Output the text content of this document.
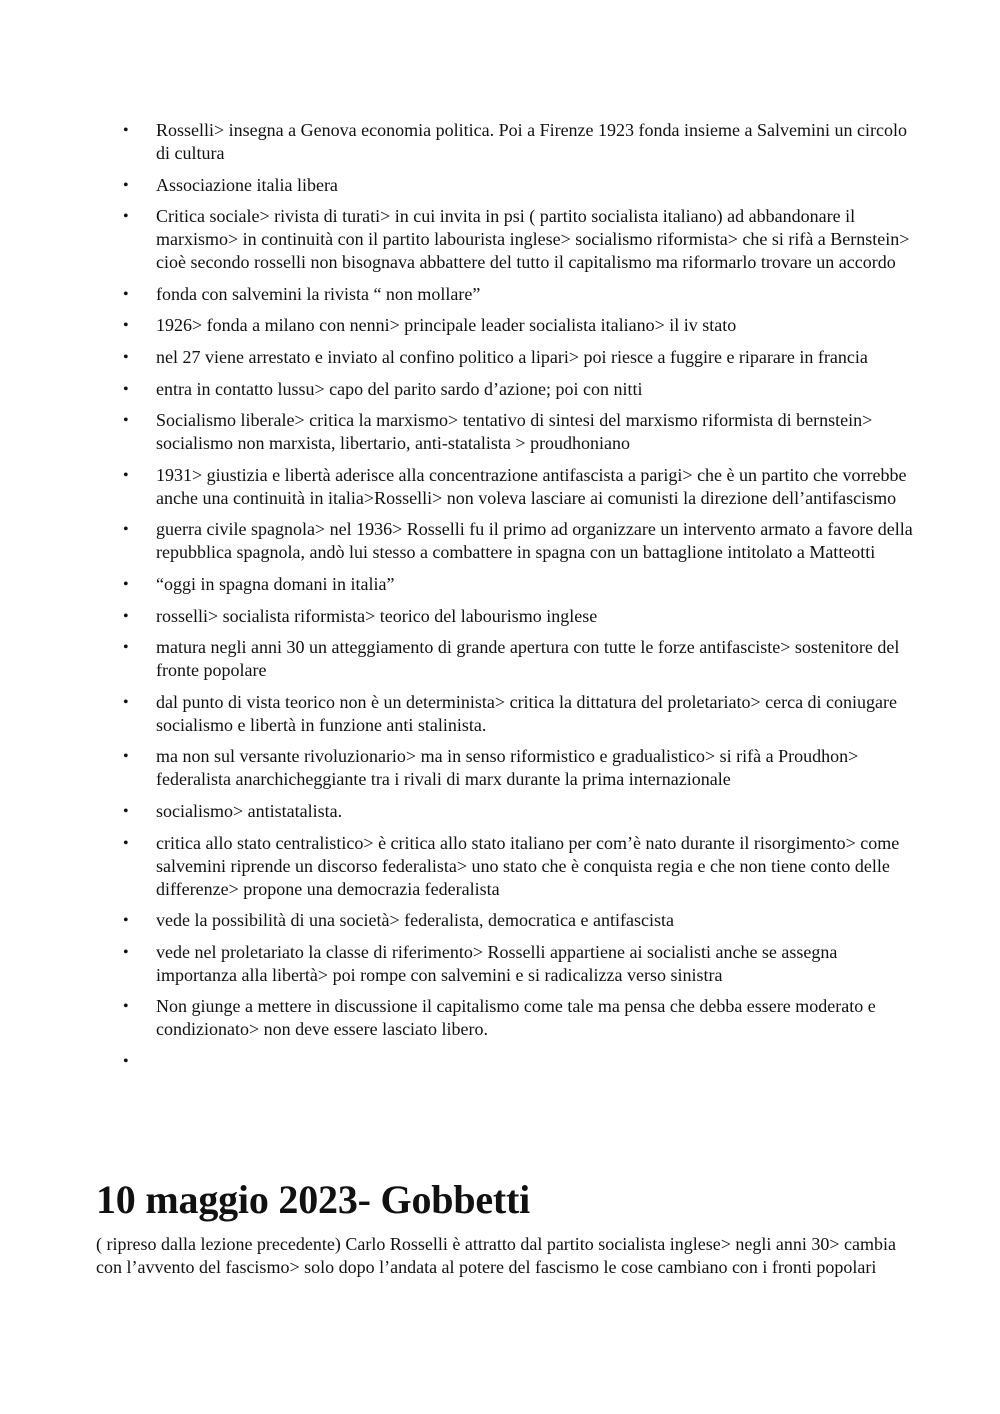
• Rosselli> insegna a Genova economia politica. Poi a Firenze 1923 fonda insieme a Salvemini un circolo di cultura
• Associazione italia libera
• Critica sociale> rivista di turati> in cui invita in psi ( partito socialista italiano) ad abbandonare il marxismo> in continuità con il partito labourista inglese> socialismo riformista> che si rifà a Bernstein> cioè secondo rosselli non bisognava abbattere del tutto il capitalismo ma riformarlo trovare un accordo
• fonda con salvemini la rivista “ non mollare”
• 1926> fonda a milano con nenni> principale leader socialista italiano> il iv stato
• nel 27 viene arrestato e inviato al confino politico a lipari> poi riesce a fuggire e riparare in francia
• entra in contatto lussu> capo del parito sardo d’azione; poi con nitti
• Socialismo liberale> critica la marxismo> tentativo di sintesi del marxismo riformista di bernstein> socialismo non marxista, libertario, anti-statalista > proudhoniano
• 1931> giustizia e libertà aderisce alla concentrazione antifascista a parigi> che è un partito che vorrebbe anche una continuità in italia>Rosselli> non voleva lasciare ai comunisti la direzione dell’antifascismo
• guerra civile spagnola> nel 1936> Rosselli fu il primo ad organizzare un intervento armato a favore della repubblica spagnola, andò lui stesso a combattere in spagna con un battaglione intitolato a Matteotti
• “oggi in spagna domani in italia”
• rosselli> socialista riformista> teorico del labourismo inglese
• matura negli anni 30 un atteggiamento di grande apertura con tutte le forze antifasciste> sostenitore del fronte popolare
• dal punto di vista teorico non è un determinista> critica la dittatura del proletariato> cerca di coniugare socialismo e libertà in funzione anti stalinista.
• ma non sul versante rivoluzionario> ma in senso riformistico e gradualistico> si rifà a Proudhon> federalista anarchicheggiante tra i rivali di marx durante la prima internazionale
• socialismo> antistatalista.
• critica allo stato centralistico> è critica allo stato italiano per com’è nato durante il risorgimento> come salvemini riprende un discorso federalista> uno stato che è conquista regia e che non tiene conto delle differenze> propone una democrazia federalista
• vede la possibilità di una società> federalista, democratica e antifascista
• vede nel proletariato la classe di riferimento> Rosselli appartiene ai socialisti anche se assegna importanza alla libertà> poi rompe con salvemini e si radicalizza verso sinistra
• Non giunge a mettere in discussione il capitalismo come tale ma pensa che debba essere moderato e condizionato> non deve essere lasciato libero.
•
10 maggio 2023- Gobbetti

( ripreso dalla lezione precedente) Carlo Rosselli è attratto dal partito socialista inglese> negli anni 30> cambia con l’avvento del fascismo> solo dopo l’andata al potere del fascismo le cose cambiano con i fronti popolari
